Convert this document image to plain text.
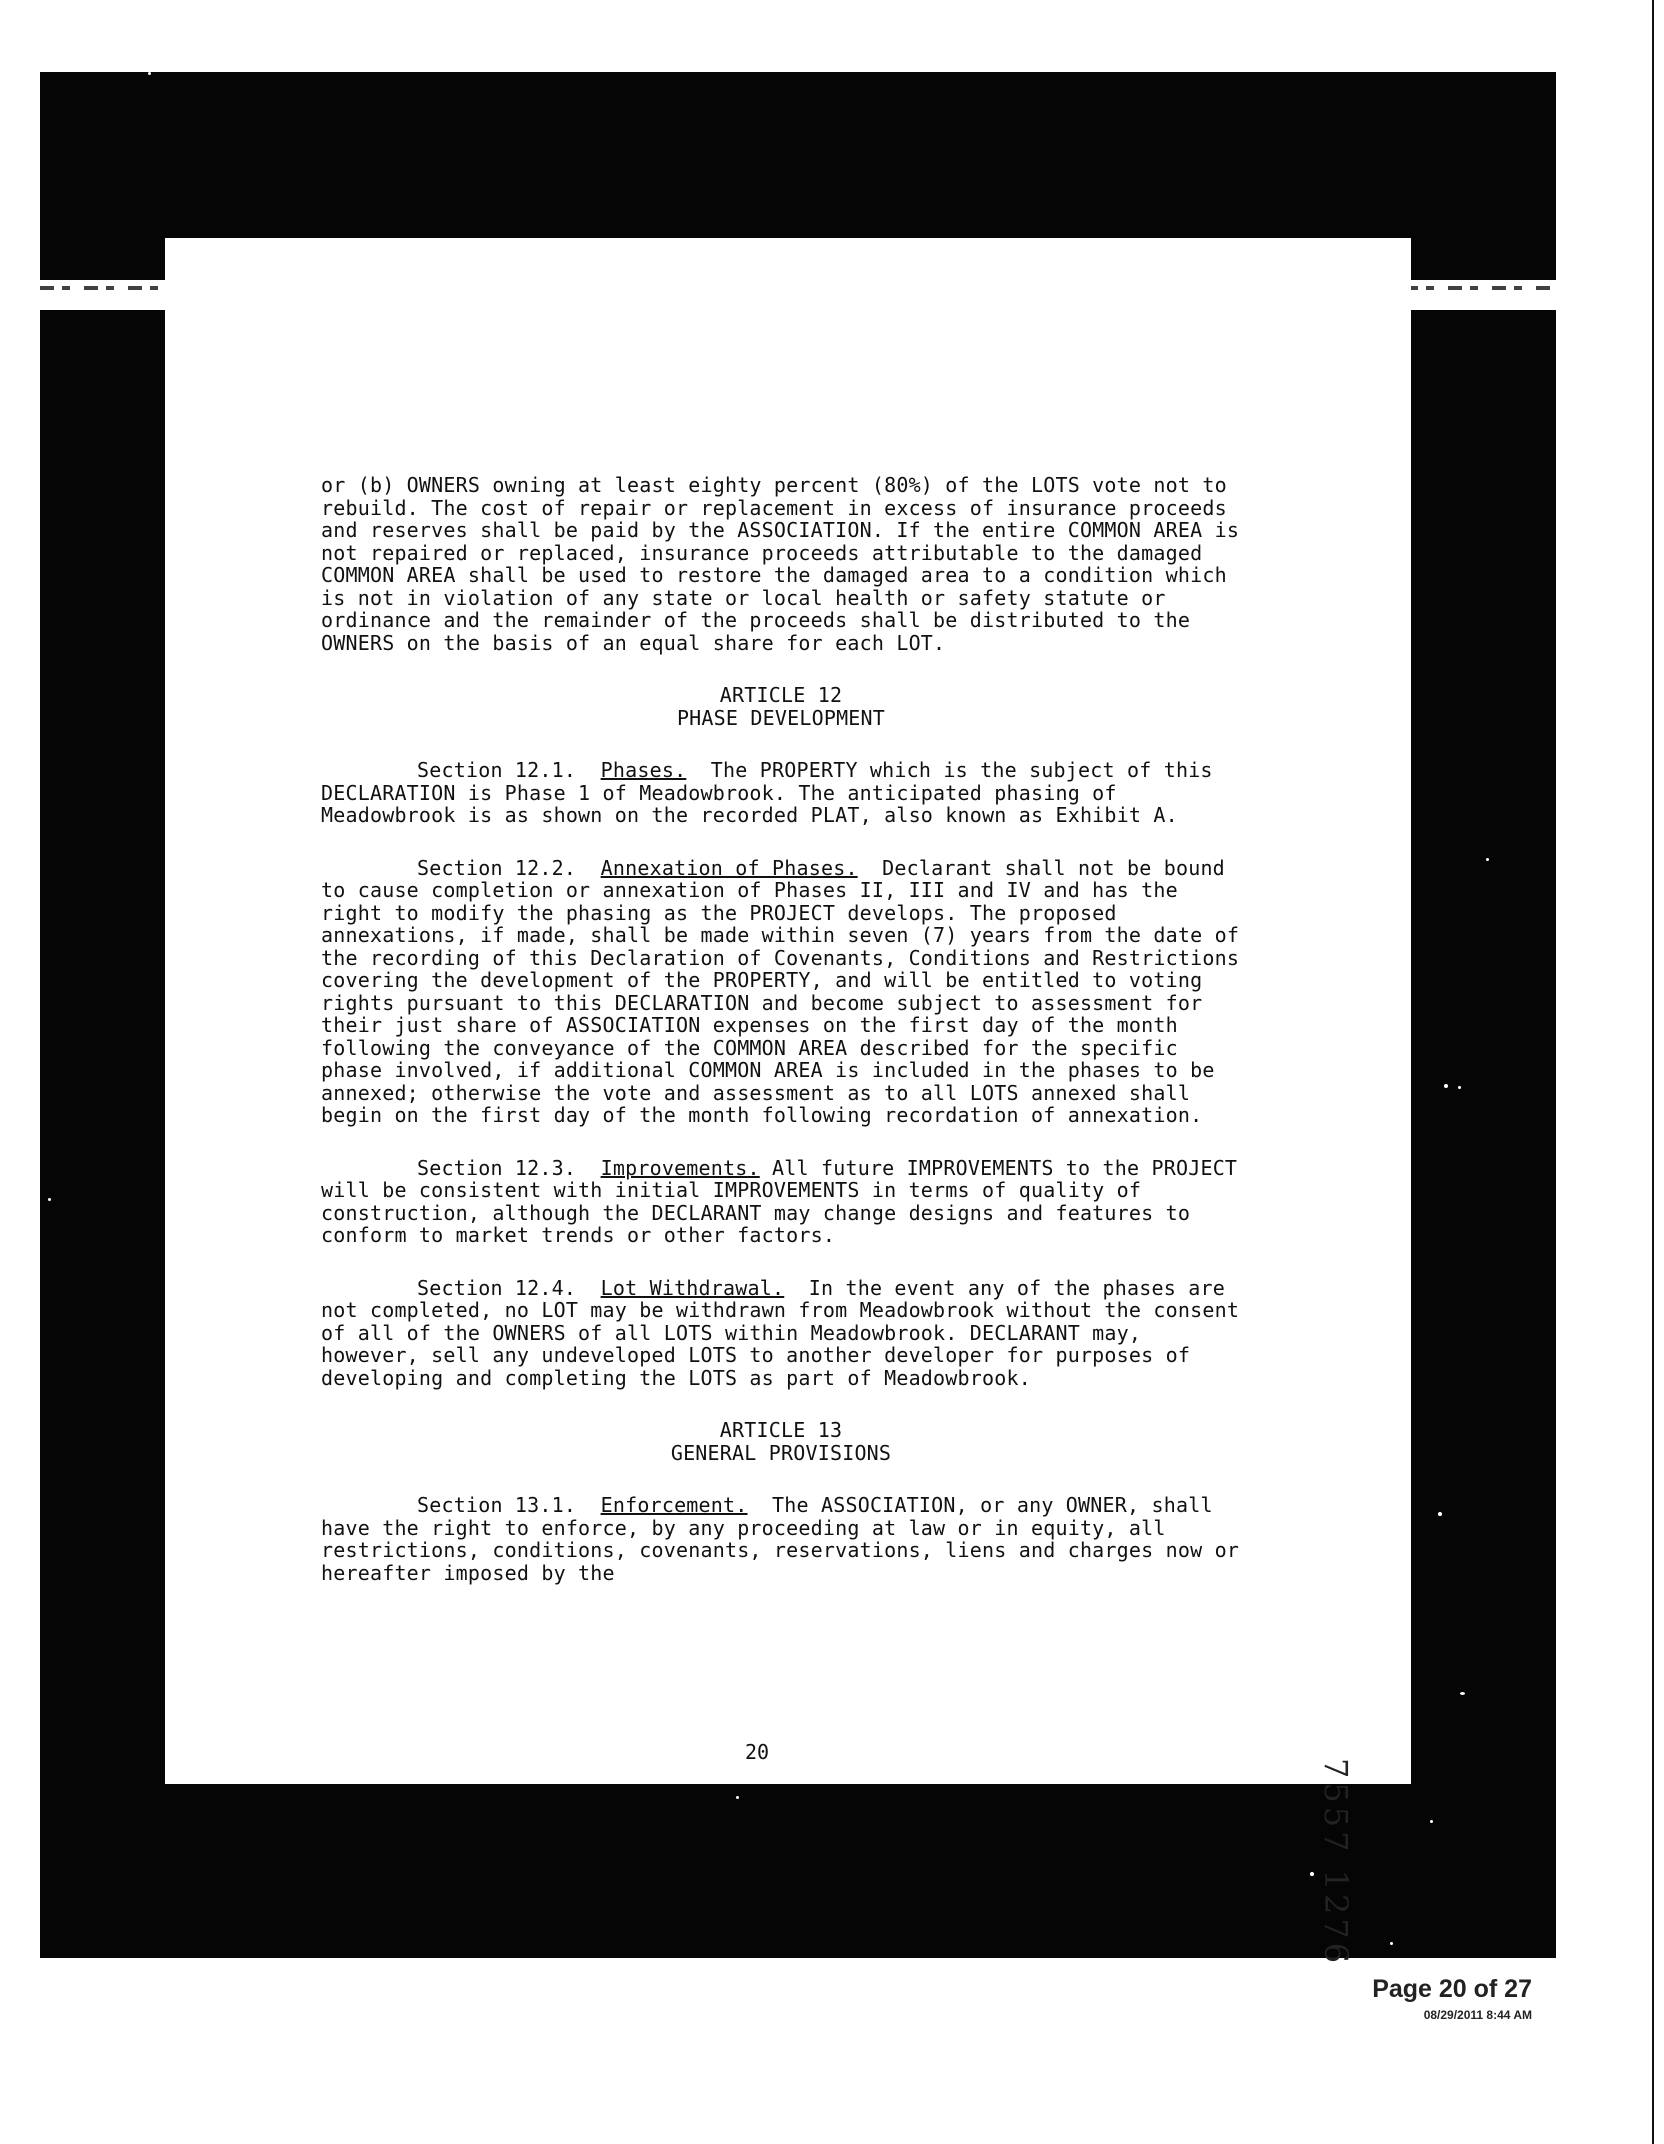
or (b) OWNERS owning at least eighty percent (80%) of the LOTS vote not to rebuild. The cost of repair or replacement in excess of insurance proceeds and reserves shall be paid by the ASSOCIATION. If the entire COMMON AREA is not repaired or replaced, insurance proceeds attributable to the damaged COMMON AREA shall be used to restore the damaged area to a condition which is not in violation of any state or local health or safety statute or ordinance and the remainder of the proceeds shall be distributed to the OWNERS on the basis of an equal share for each LOT.

ARTICLE 12
PHASE DEVELOPMENT

Section 12.1. Phases. The PROPERTY which is the subject of this DECLARATION is Phase 1 of Meadowbrook. The anticipated phasing of Meadowbrook is as shown on the recorded PLAT, also known as Exhibit A.

Section 12.2. Annexation of Phases. Declarant shall not be bound to cause completion or annexation of Phases II, III and IV and has the right to modify the phasing as the PROJECT develops. The proposed annexations, if made, shall be made within seven (7) years from the date of the recording of this Declaration of Covenants, Conditions and Restrictions covering the development of the PROPERTY, and will be entitled to voting rights pursuant to this DECLARATION and become subject to assessment for their just share of ASSOCIATION expenses on the first day of the month following the conveyance of the COMMON AREA described for the specific phase involved, if additional COMMON AREA is included in the phases to be annexed; otherwise the vote and assessment as to all LOTS annexed shall begin on the first day of the month following recordation of annexation.

Section 12.3. Improvements. All future IMPROVEMENTS to the PROJECT will be consistent with initial IMPROVEMENTS in terms of quality of construction, although the DECLARANT may change designs and features to conform to market trends or other factors.

Section 12.4. Lot Withdrawal. In the event any of the phases are not completed, no LOT may be withdrawn from Meadowbrook without the consent of all of the OWNERS of all LOTS within Meadowbrook. DECLARANT may, however, sell any undeveloped LOTS to another developer for purposes of developing and completing the LOTS as part of Meadowbrook.

ARTICLE 13
GENERAL PROVISIONS

Section 13.1. Enforcement. The ASSOCIATION, or any OWNER, shall have the right to enforce, by any proceeding at law or in equity, all restrictions, conditions, covenants, reservations, liens and charges now or hereafter imposed by the

20
7557 1276
Page 20 of 27
08/29/2011 8:44 AM
